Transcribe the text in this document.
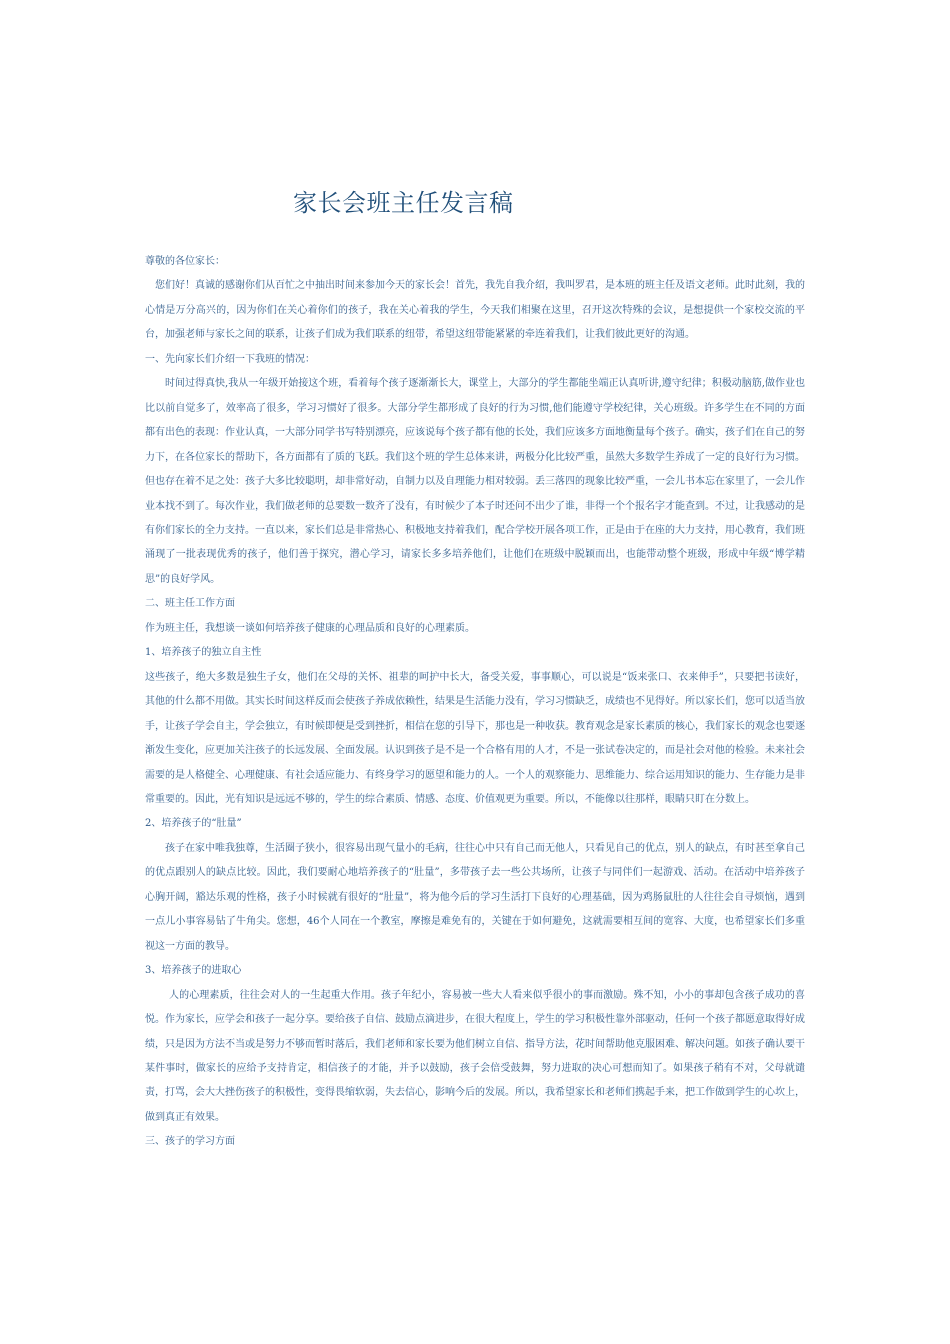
家长会班主任发言稿

尊敬的各位家长：

您们好！真诚的感谢你们从百忙之中抽出时间来参加今天的家长会！首先，我先自我介绍，我叫罗君，是本班的班主任及语文老师。此时此刻，我的心情是万分高兴的，因为你们在关心着你们的孩子，我在关心着我的学生，今天我们相聚在这里，召开这次特殊的会议，是想提供一个家校交流的平台，加强老师与家长之间的联系，让孩子们成为我们联系的纽带，希望这纽带能紧紧的牵连着我们，让我们彼此更好的沟通。

一、先向家长们介绍一下我班的情况：

时间过得真快,我从一年级开始接这个班，看着每个孩子逐渐渐长大，课堂上，大部分的学生都能坐端正认真听讲,遵守纪律；积极动脑筋,做作业也比以前自觉多了，效率高了很多，学习习惯好了很多。大部分学生都形成了良好的行为习惯,他们能遵守学校纪律，关心班级。许多学生在不同的方面都有出色的表现：作业认真，一大部分同学书写特别漂亮，应该说每个孩子都有他的长处，我们应该多方面地衡量每个孩子。确实，孩子们在自己的努力下，在各位家长的帮助下，各方面都有了质的飞跃。我们这个班的学生总体来讲，两极分化比较严重，虽然大多数学生养成了一定的良好行为习惯。但也存在着不足之处：孩子大多比较聪明，却非常好动，自制力以及自理能力相对较弱。丢三落四的现象比较严重，一会儿书本忘在家里了，一会儿作业本找不到了。每次作业，我们做老师的总要数一数齐了没有，有时候少了本子时还问不出少了谁，非得一个个报名字才能查到。不过，让我感动的是有你们家长的全力支持。一直以来，家长们总是非常热心、积极地支持着我们，配合学校开展各项工作，正是由于在座的大力支持，用心教育，我们班涌现了一批表现优秀的孩子，他们善于探究，潜心学习，请家长多多培养他们，让他们在班级中脱颖而出，也能带动整个班级，形成中年级“博学精思”的良好学风。

二、班主任工作方面

作为班主任，我想谈一谈如何培养孩子健康的心理品质和良好的心理素质。

1、培养孩子的独立自主性

这些孩子，绝大多数是独生子女，他们在父母的关怀、祖辈的呵护中长大，备受关爱，事事顺心，可以说是“饭来张口、衣来伸手”，只要把书读好，其他的什么都不用做。其实长时间这样反而会使孩子养成依赖性，结果是生活能力没有，学习习惯缺乏，成绩也不见得好。所以家长们，您可以适当放手，让孩子学会自主，学会独立，有时候即便是受到挫折，相信在您的引导下，那也是一种收获。教育观念是家长素质的核心，我们家长的观念也要逐渐发生变化，应更加关注孩子的长远发展、全面发展。认识到孩子是不是一个合格有用的人才，不是一张试卷决定的，而是社会对他的检验。未来社会需要的是人格健全、心理健康、有社会适应能力、有终身学习的愿望和能力的人。一个人的观察能力、思维能力、综合运用知识的能力、生存能力是非常重要的。因此，光有知识是远远不够的，学生的综合素质、情感、态度、价值观更为重要。所以，不能像以往那样，眼睛只盯在分数上。

2、培养孩子的“肚量”

孩子在家中唯我独尊，生活圈子狭小，很容易出现气量小的毛病，往往心中只有自己而无他人，只看见自己的优点，别人的缺点，有时甚至拿自己的优点跟别人的缺点比较。因此，我们要耐心地培养孩子的“肚量”，多带孩子去一些公共场所，让孩子与同伴们一起游戏、活动。在活动中培养孩子心胸开阔，豁达乐观的性格，孩子小时候就有很好的“肚量”，将为他今后的学习生活打下良好的心理基础，因为鸡肠鼠肚的人往往会自寻烦恼，遇到一点儿小事容易钻了牛角尖。您想，46个人同在一个教室，摩擦是难免有的，关键在于如何避免，这就需要相互间的宽容、大度，也希望家长们多重视这一方面的教导。

3、培养孩子的进取心

人的心理素质，往往会对人的一生起重大作用。孩子年纪小，容易被一些大人看来似乎很小的事而激励。殊不知，小小的事却包含孩子成功的喜悦。作为家长，应学会和孩子一起分享。要给孩子自信、鼓励点滴进步，在很大程度上，学生的学习积极性靠外部驱动，任何一个孩子都愿意取得好成绩，只是因为方法不当或是努力不够而暂时落后，我们老师和家长要为他们树立自信、指导方法，花时间帮助他克服困难、解决问题。如孩子确认要干某件事时，做家长的应给予支持肯定，相信孩子的才能，并予以鼓励，孩子会倍受鼓舞，努力进取的决心可想而知了。如果孩子稍有不对，父母就谴责，打骂，会大大挫伤孩子的积极性，变得畏缩软弱，失去信心，影响今后的发展。所以，我希望家长和老师们携起手来，把工作做到学生的心坎上，做到真正有效果。

三、孩子的学习方面
